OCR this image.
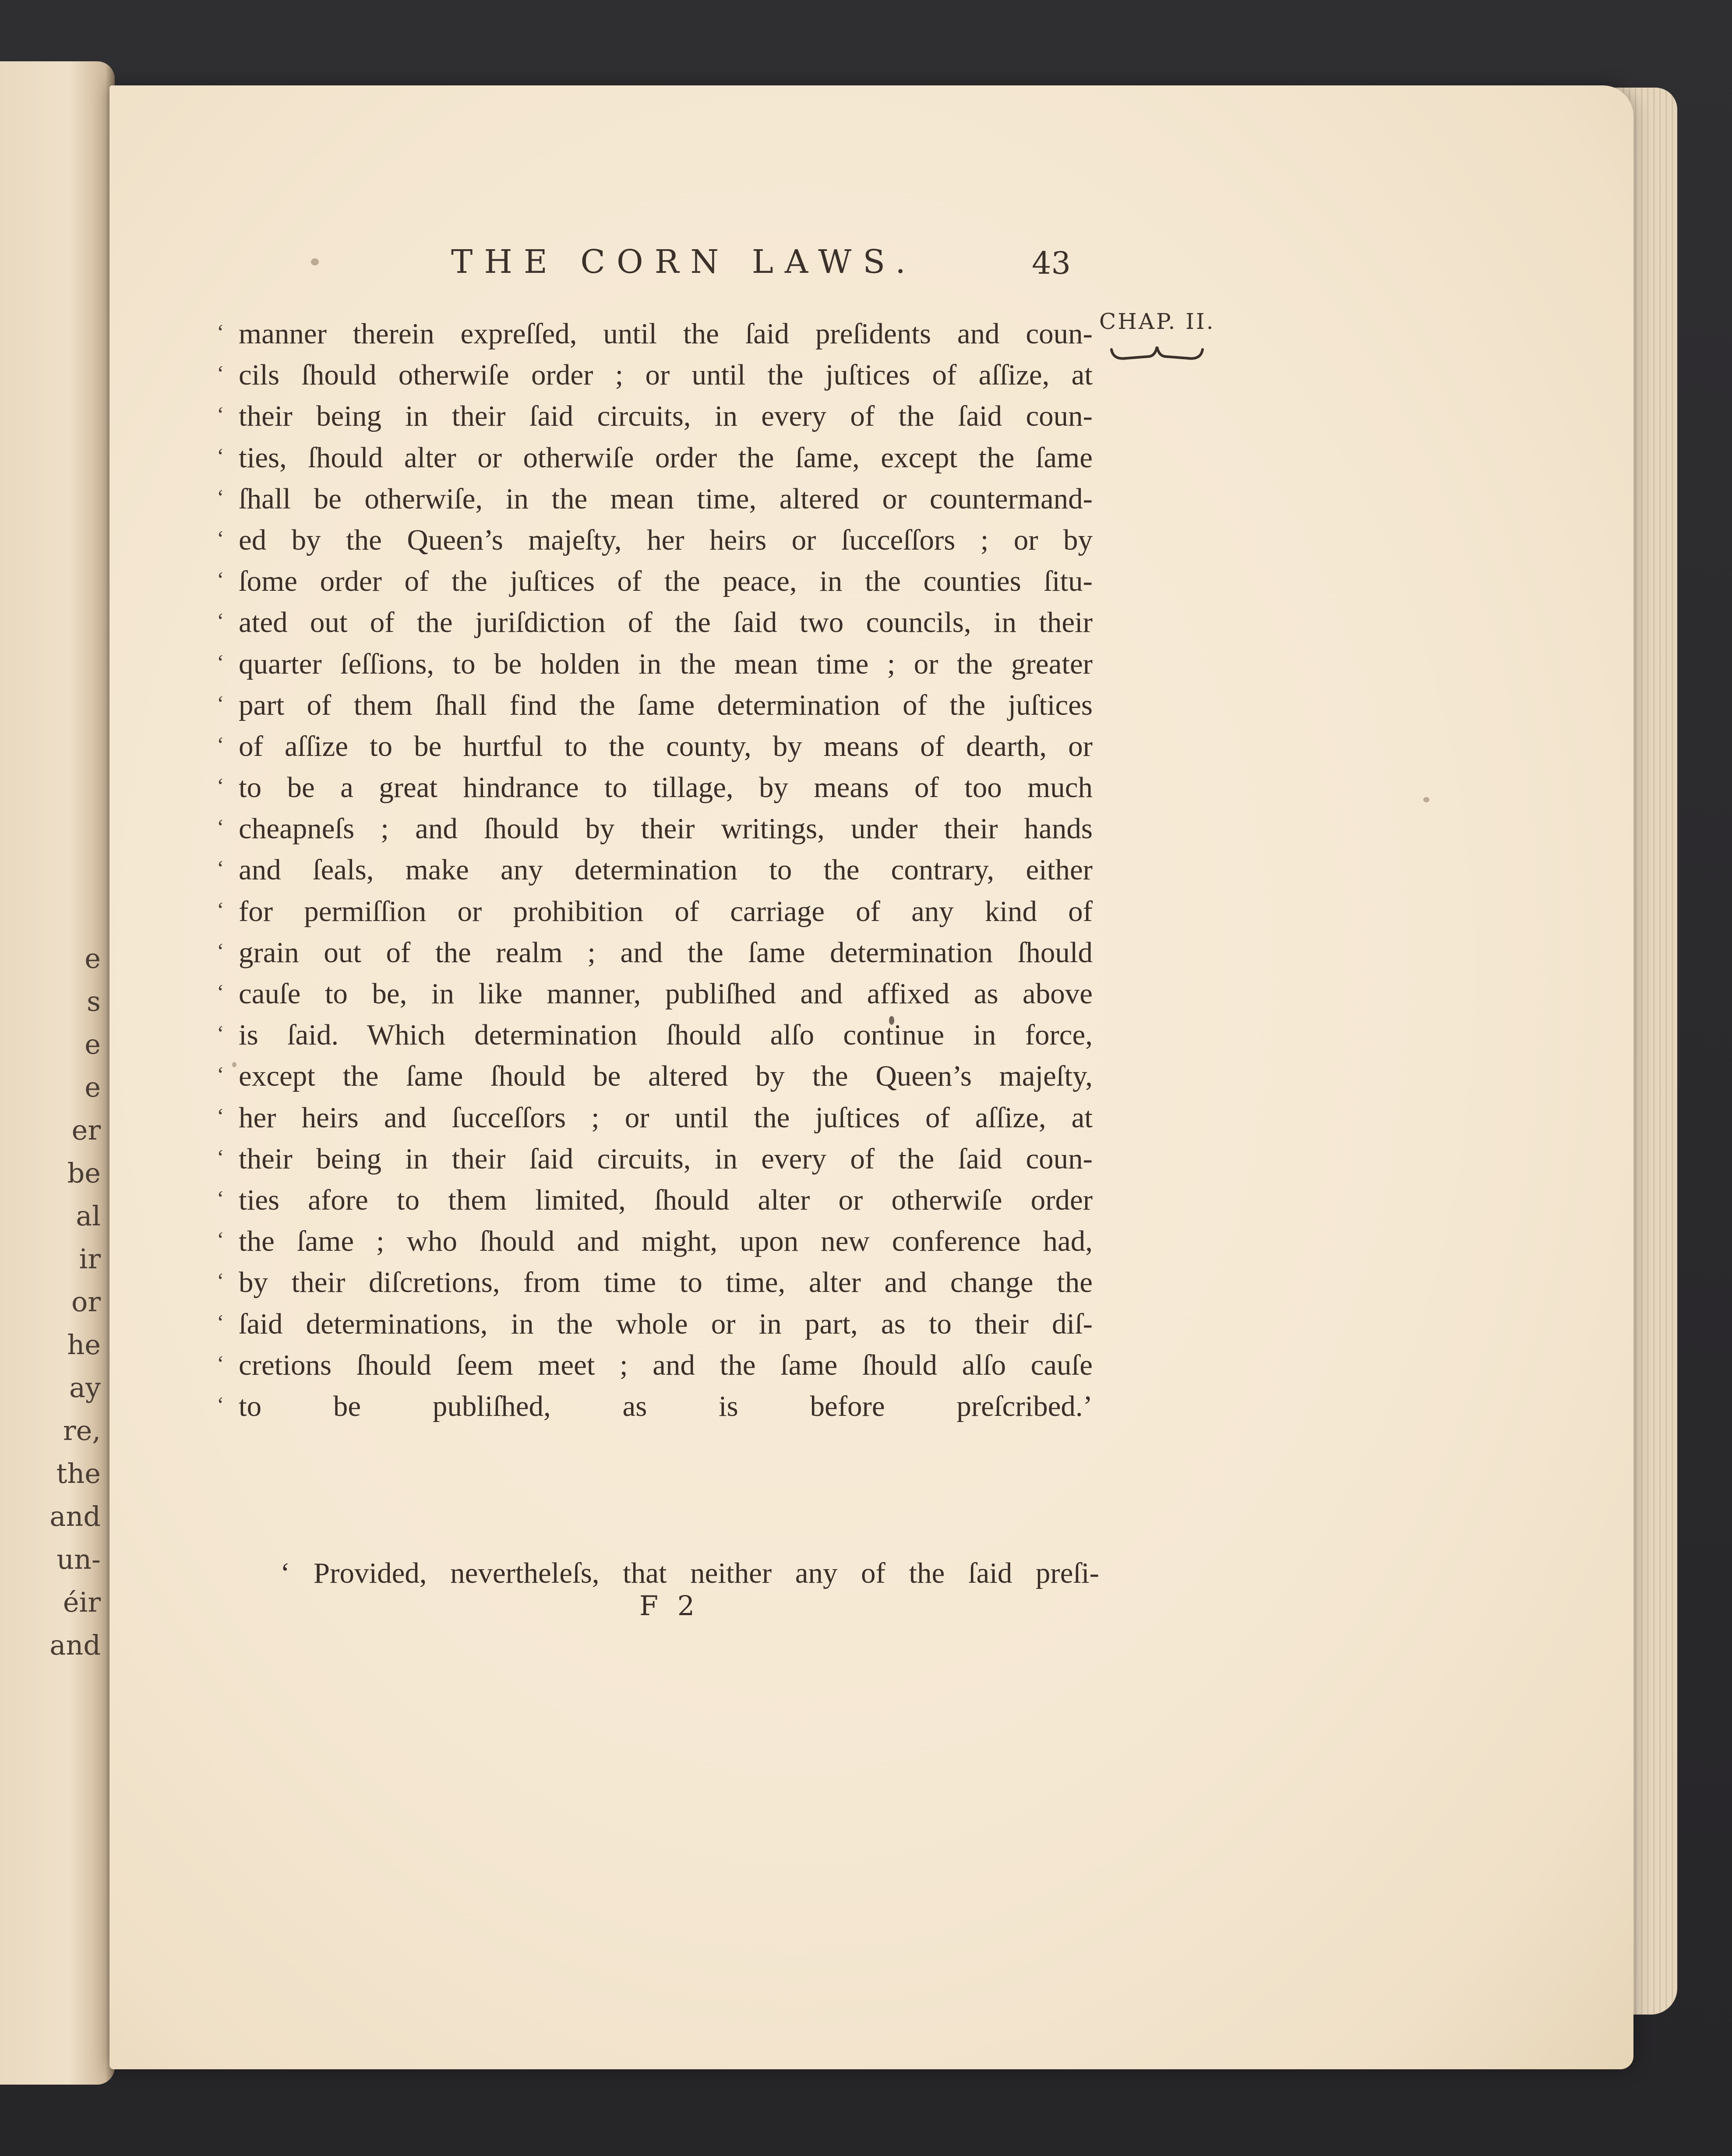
e
s
e
e
er
be
al
ir
or
he
ay
re,
the
and
un-
éir
and
THE CORN LAWS.	43
CHAP. II.
‘ manner therein expreſſed, until the ſaid preſidents and coun-
‘ cils ſhould otherwiſe order ; or until the juſtices of aſſize, at
‘ their being in their ſaid circuits, in every of the ſaid coun-
‘ ties, ſhould alter or otherwiſe order the ſame, except the ſame
‘ ſhall be otherwiſe, in the mean time, altered or countermand-
‘ ed by the Queen’s majeſty, her heirs or ſucceſſors ; or by
‘ ſome order of the juſtices of the peace, in the counties ſitu-
‘ ated out of the juriſdiction of the ſaid two councils, in their
‘ quarter ſeſſions, to be holden in the mean time ; or the greater
‘ part of them ſhall find the ſame determination of the juſtices
‘ of aſſize to be hurtful to the county, by means of dearth, or
‘ to be a great hindrance to tillage, by means of too much
‘ cheapneſs ; and ſhould by their writings, under their hands
‘ and ſeals, make any determination to the contrary, either
‘ for permiſſion or prohibition of carriage of any kind of
‘ grain out of the realm ; and the ſame determination ſhould
‘ cauſe to be, in like manner, publiſhed and affixed as above
‘ is ſaid. Which determination ſhould alſo continue in force,
‘ except the ſame ſhould be altered by the Queen’s majeſty,
‘ her heirs and ſucceſſors ; or until the juſtices of aſſize, at
‘ their being in their ſaid circuits, in every of the ſaid coun-
‘ ties afore to them limited, ſhould alter or otherwiſe order
‘ the ſame ; who ſhould and might, upon new conference had,
‘ by their diſcretions, from time to time, alter and change the
‘ ſaid determinations, in the whole or in part, as to their diſ-
‘ cretions ſhould ſeem meet ; and the ſame ſhould alſo cauſe
‘ to be publiſhed, as is before preſcribed.’
‘ Provided, nevertheleſs, that neither any of the ſaid preſi-
F 2
